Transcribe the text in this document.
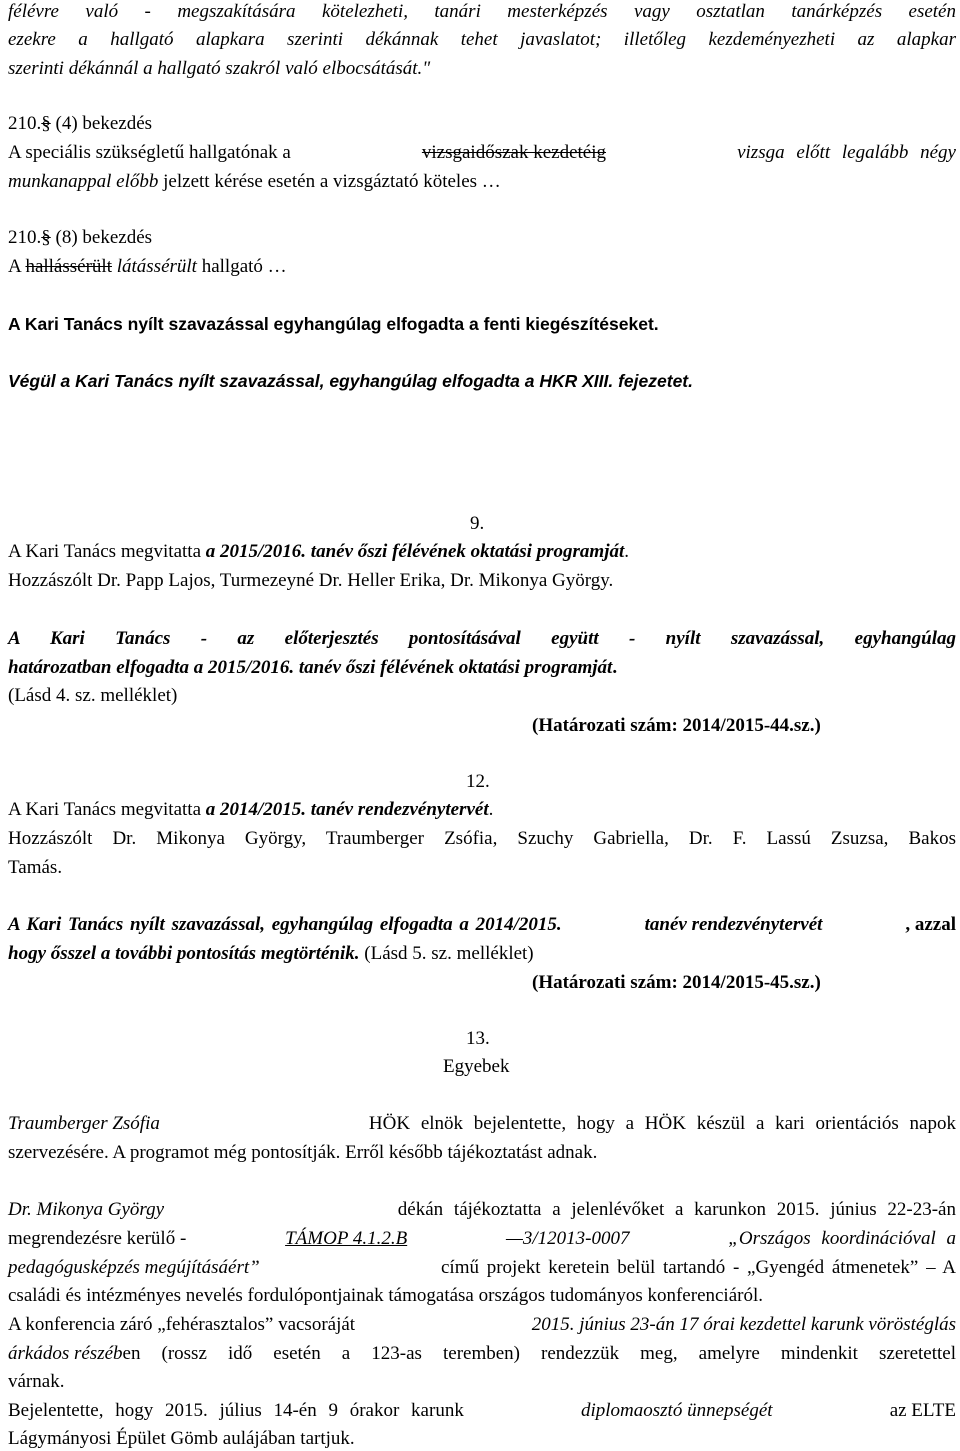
félévre való - megszakítására kötelezheti, tanári mesterképzés vagy osztatlan tanárképzés esetén
ezekre a hallgató alapkara szerinti dékánnak tehet javaslatot; illetőleg kezdeményezheti az alapkar
szerinti dékánnál a hallgató szakról való elbocsátását."
210.§ (4) bekezdés
A speciális szükségletű hallgatónak a	vizsgaidőszak kezdetéig	vizsga előtt legalább négy
munkanappal előbb jelzett kérése esetén a vizsgáztató köteles …
210.§ (8) bekezdés
A hallássérült látássérült hallgató …
A Kari Tanács nyílt szavazással egyhangúlag elfogadta a fenti kiegészítéseket.
Végül a Kari Tanács nyílt szavazással, egyhangúlag elfogadta a HKR XIII. fejezetet.
9.
A Kari Tanács megvitatta a 2015/2016. tanév őszi félévének oktatási programját.
Hozzászólt Dr. Papp Lajos, Turmezeyné Dr. Heller Erika, Dr. Mikonya György.
A Kari Tanács - az előterjesztés pontosításával együtt - nyílt szavazással, egyhangúlag
határozatban elfogadta a 2015/2016. tanév őszi félévének oktatási programját.
(Lásd 4. sz. melléklet)
(Határozati szám: 2014/2015-44.sz.)
12.
A Kari Tanács megvitatta a 2014/2015. tanév rendezvénytervét.
Hozzászólt Dr. Mikonya György, Traumberger Zsófia, Szuchy Gabriella, Dr. F. Lassú Zsuzsa, Bakos
Tamás.
A Kari Tanács nyílt szavazással, egyhangúlag elfogadta a 2014/2015.	tanév rendezvénytervét	, azzal
hogy ősszel a további pontosítás megtörténik. (Lásd 5. sz. melléklet)
(Határozati szám: 2014/2015-45.sz.)
13.
Egyebek
Traumberger Zsófia	HÖK elnök bejelentette, hogy a HÖK készül a kari orientációs napok
szervezésére. A programot még pontosítják. Erről később tájékoztatást adnak.
Dr. Mikonya György	dékán tájékoztatta a jelenlévőket a karunkon 2015. június 22-23-án
megrendezésre kerülő -	TÁMOP 4.1.2.B	—3/12013-0007	„Országos koordinációval a
pedagógusképzés megújításáért”	című projekt keretein belül tartandó - „Gyengéd átmenetek” – A
családi és intézményes nevelés fordulópontjainak támogatása országos tudományos konferenciáról.
A konferencia záró „fehérasztalos” vacsoráját	2015. június 23-án 17 órai kezdettel karunk vöröstéglás
árkádos részéb en (rossz idő esetén a 123-as teremben) rendezzük meg, amelyre mindenkit szeretettel
várnak.
Bejelentette, hogy 2015. július 14-én 9 órakor karunk	diplomaosztó ünnepségét	az ELTE
Lágymányosi Épület Gömb aulájában tartjuk.
